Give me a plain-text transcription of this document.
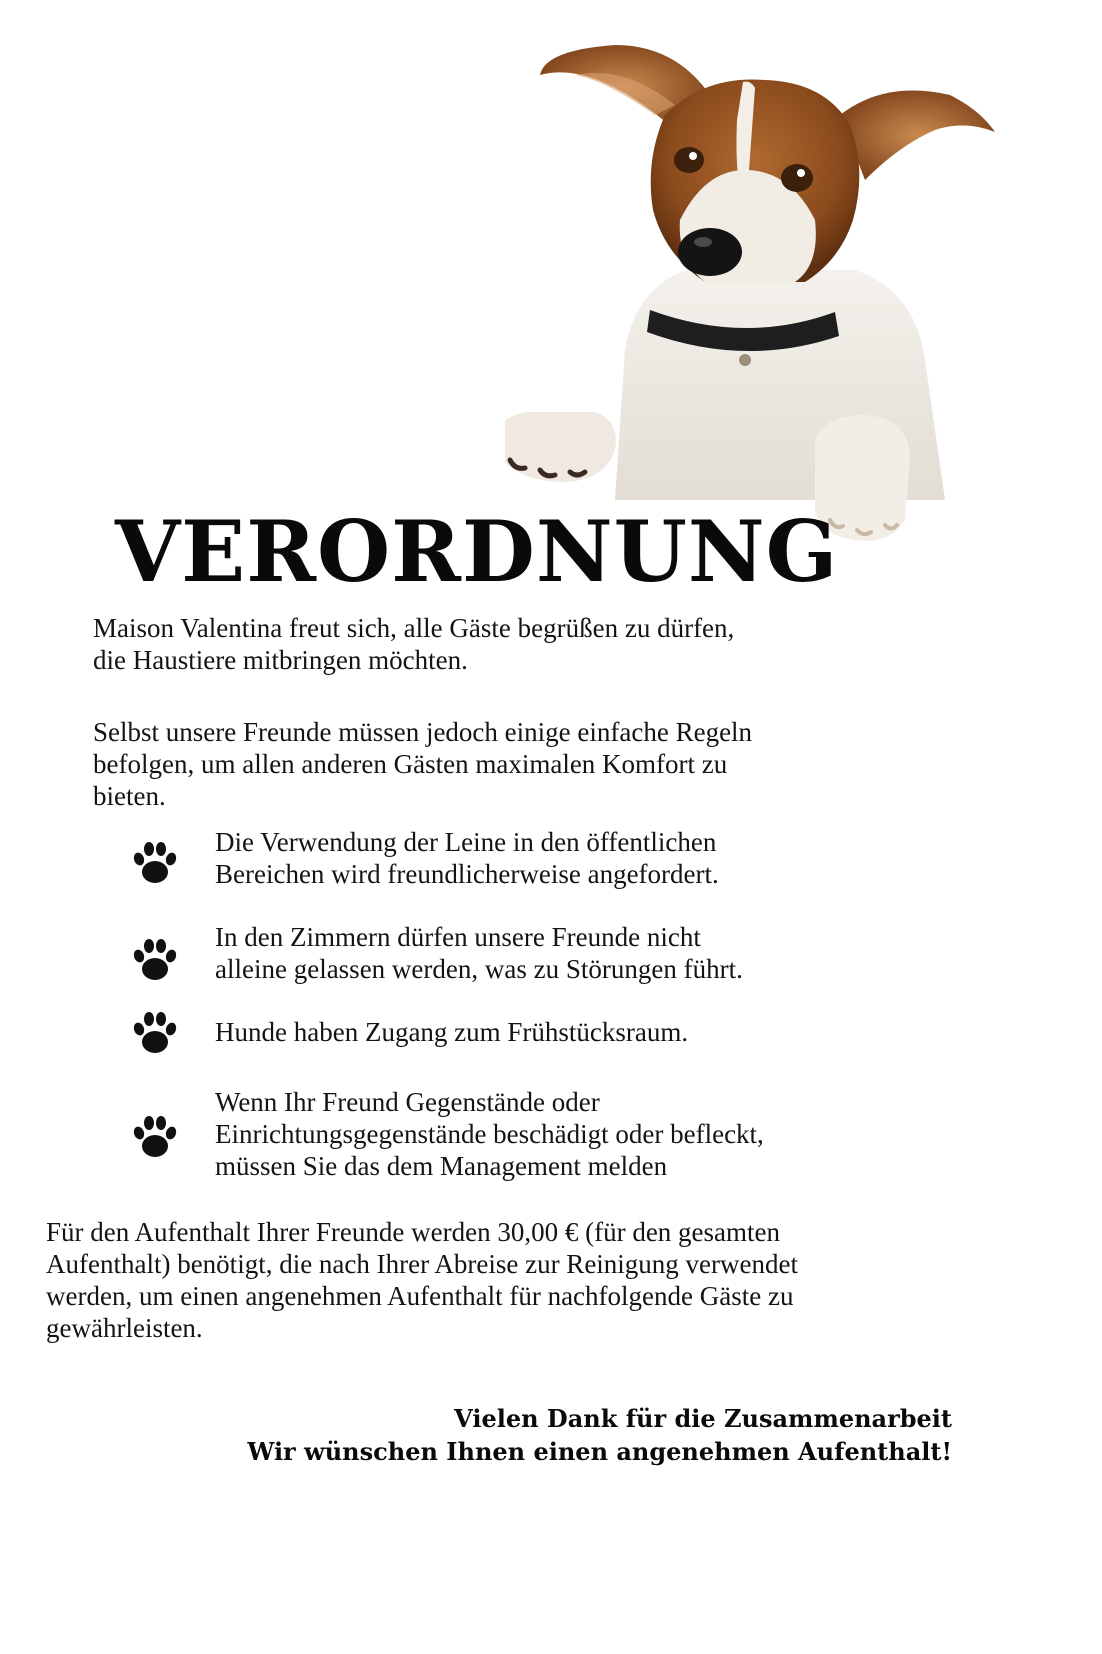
VERORDNUNG

Maison Valentina freut sich, alle Gäste begrüßen zu dürfen,
die Haustiere mitbringen möchten.

Selbst unsere Freunde müssen jedoch einige einfache Regeln
befolgen, um allen anderen Gästen maximalen Komfort zu
bieten.

Die Verwendung der Leine in den öffentlichen
Bereichen wird freundlicherweise angefordert.
In den Zimmern dürfen unsere Freunde nicht
alleine gelassen werden, was zu Störungen führt.
Hunde haben Zugang zum Frühstücksraum.
Wenn Ihr Freund Gegenstände oder
Einrichtungsgegenstände beschädigt oder befleckt,
müssen Sie das dem Management melden

Für den Aufenthalt Ihrer Freunde werden 30,00 € (für den gesamten
Aufenthalt) benötigt, die nach Ihrer Abreise zur Reinigung verwendet
werden, um einen angenehmen Aufenthalt für nachfolgende Gäste zu
gewährleisten.

Vielen Dank für die Zusammenarbeit
Wir wünschen Ihnen einen angenehmen Aufenthalt!
